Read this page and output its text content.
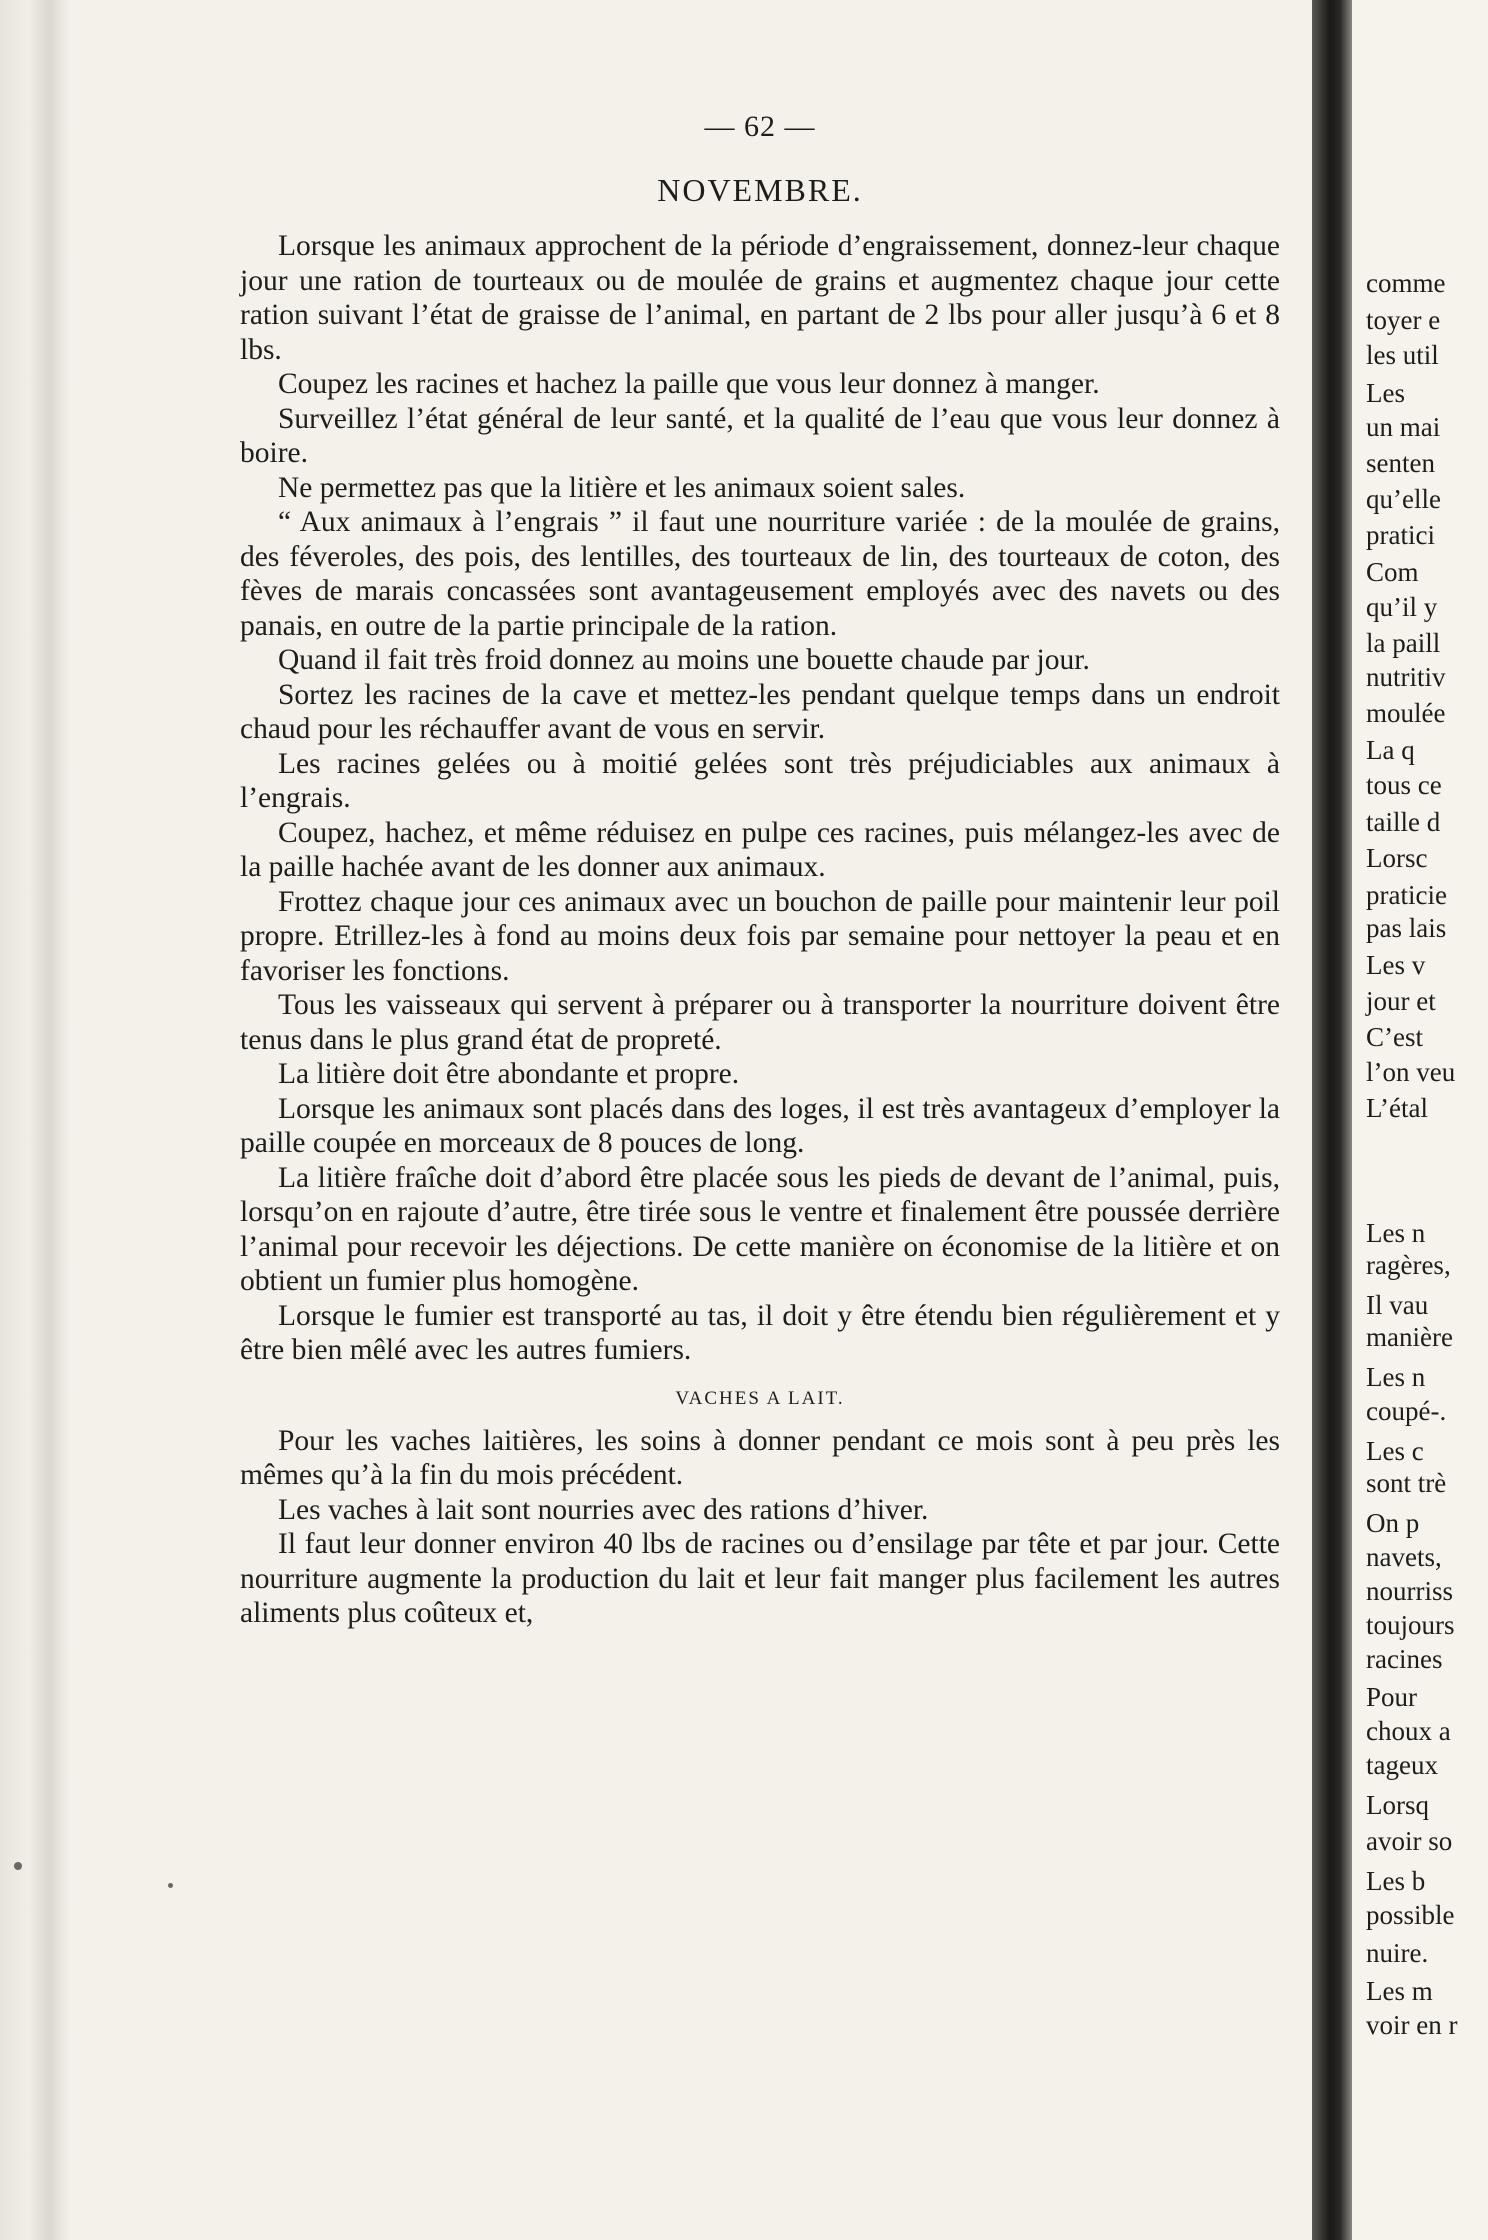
— 62 —
NOVEMBRE.

Lorsque les animaux approchent de la période d’engraissement, donnez-leur chaque jour une ration de tourteaux ou de moulée de grains et augmentez chaque jour cette ration suivant l’état de graisse de l’animal, en partant de 2 lbs pour aller jusqu’à 6 et 8 lbs.

Coupez les racines et hachez la paille que vous leur donnez à manger.

Surveillez l’état général de leur santé, et la qualité de l’eau que vous leur donnez à boire.

Ne permettez pas que la litière et les animaux soient sales.

“ Aux animaux à l’engrais ” il faut une nourriture variée : de la moulée de grains, des féveroles, des pois, des lentilles, des tourteaux de lin, des tourteaux de coton, des fèves de marais concassées sont avantageusement employés avec des navets ou des panais, en outre de la partie principale de la ration.

Quand il fait très froid donnez au moins une bouette chaude par jour.

Sortez les racines de la cave et mettez-les pendant quelque temps dans un endroit chaud pour les réchauffer avant de vous en servir.

Les racines gelées ou à moitié gelées sont très préjudiciables aux animaux à l’engrais.

Coupez, hachez, et même réduisez en pulpe ces racines, puis mélangez-les avec de la paille hachée avant de les donner aux animaux.

Frottez chaque jour ces animaux avec un bouchon de paille pour maintenir leur poil propre. Etrillez-les à fond au moins deux fois par semaine pour nettoyer la peau et en favoriser les fonctions.

Tous les vaisseaux qui servent à préparer ou à transporter la nourriture doivent être tenus dans le plus grand état de propreté.

La litière doit être abondante et propre.

Lorsque les animaux sont placés dans des loges, il est très avantageux d’employer la paille coupée en morceaux de 8 pouces de long.

La litière fraîche doit d’abord être placée sous les pieds de devant de l’animal, puis, lorsqu’on en rajoute d’autre, être tirée sous le ventre et finalement être poussée derrière l’animal pour recevoir les déjections. De cette manière on économise de la litière et on obtient un fumier plus homogène.

Lorsque le fumier est transporté au tas, il doit y être étendu bien régulièrement et y être bien mêlé avec les autres fumiers.

VACHES A LAIT.

Pour les vaches laitières, les soins à donner pendant ce mois sont à peu près les mêmes qu’à la fin du mois précédent.

Les vaches à lait sont nourries avec des rations d’hiver.

Il faut leur donner environ 40 lbs de racines ou d’ensilage par tête et par jour. Cette nourriture augmente la production du lait et leur fait manger plus facilement les autres aliments plus coûteux et,

comme
toyer e
les util
Les
un mai
senten
qu’elle
pratici
Com
qu’il y
la paill
nutritiv
moulée
La q
tous ce
taille d
Lorsc
praticie
pas lais
Les v
jour et
C’est
l’on veu
L’étal
Les n
ragères,
Il vau
manière
Les n
coupé-.
Les c
sont trè
On p
navets,
nourriss
toujours
racines
Pour
choux a
tageux
Lorsq
avoir so
Les b
possible
nuire.
Les m
voir en r
